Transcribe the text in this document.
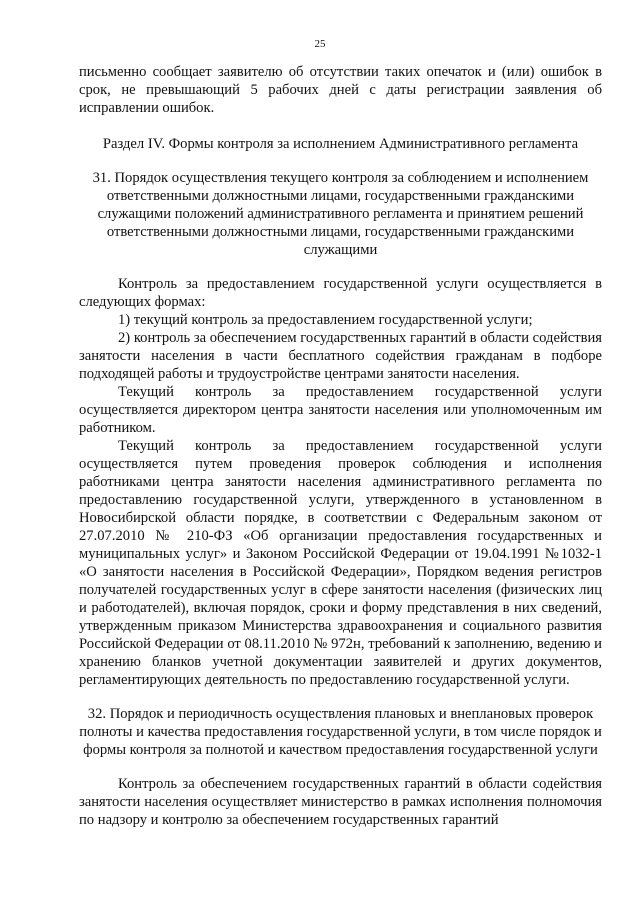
25

письменно сообщает заявителю об отсутствии таких опечаток и (или) ошибок в срок, не превышающий 5 рабочих дней с даты регистрации заявления об исправлении ошибок.

Раздел IV. Формы контроля за исполнением Административного регламента

31. Порядок осуществления текущего контроля за соблюдением и исполнением ответственными должностными лицами, государственными гражданскими служащими положений административного регламента и принятием решений ответственными должностными лицами, государственными гражданскими служащими

Контроль за предоставлением государственной услуги осуществляется в следующих формах:

1) текущий контроль за предоставлением государственной услуги;

2) контроль за обеспечением государственных гарантий в области содействия занятости населения в части бесплатного содействия гражданам в подборе подходящей работы и трудоустройстве центрами занятости населения.

Текущий контроль за предоставлением государственной услуги осуществляется директором центра занятости населения или уполномоченным им работником.

Текущий контроль за предоставлением государственной услуги осуществляется путем проведения проверок соблюдения и исполнения работниками центра занятости населения административного регламента по предоставлению государственной услуги, утвержденного в установленном в Новосибирской области порядке, в соответствии с Федеральным законом от 27.07.2010 № 210-ФЗ «Об организации предоставления государственных и муниципальных услуг» и Законом Российской Федерации от 19.04.1991 №1032-1 «О занятости населения в Российской Федерации», Порядком ведения регистров получателей государственных услуг в сфере занятости населения (физических лиц и работодателей), включая порядок, сроки и форму представления в них сведений, утвержденным приказом Министерства здравоохранения и социального развития Российской Федерации от 08.11.2010 № 972н, требований к заполнению, ведению и хранению бланков учетной документации заявителей и других документов, регламентирующих деятельность по предоставлению государственной услуги.

32. Порядок и периодичность осуществления плановых и внеплановых проверок полноты и качества предоставления государственной услуги, в том числе порядок и формы контроля за полнотой и качеством предоставления государственной услуги

Контроль за обеспечением государственных гарантий в области содействия занятости населения осуществляет министерство в рамках исполнения полномочия по надзору и контролю за обеспечением государственных гарантий
